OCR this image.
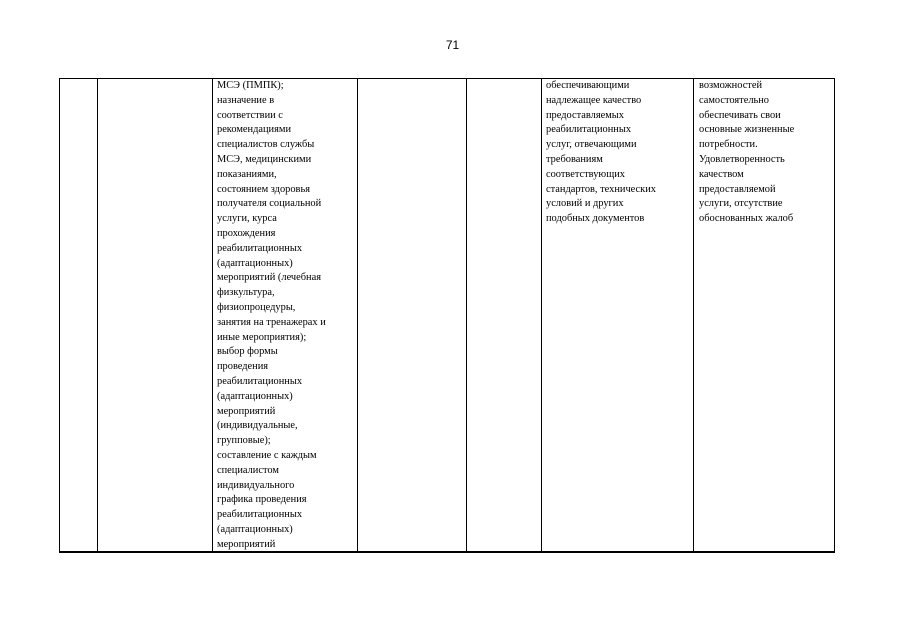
71
МСЭ (ПМПК);
назначение в
соответствии с
рекомендациями
специалистов службы
МСЭ, медицинскими
показаниями,
состоянием здоровья
получателя социальной
услуги, курса
прохождения
реабилитационных
(адаптационных)
мероприятий (лечебная
физкультура,
физиопроцедуры,
занятия на тренажерах и
иные мероприятия);
выбор формы
проведения
реабилитационных
(адаптационных)
мероприятий
(индивидуальные,
групповые);
составление с каждым
специалистом
индивидуального
графика проведения
реабилитационных
(адаптационных)
мероприятий
обеспечивающими
надлежащее качество
предоставляемых
реабилитационных
услуг, отвечающими
требованиям
соответствующих
стандартов, технических
условий и других
подобных документов
возможностей
самостоятельно
обеспечивать свои
основные жизненные
потребности.
Удовлетворенность
качеством
предоставляемой
услуги, отсутствие
обоснованных жалоб
